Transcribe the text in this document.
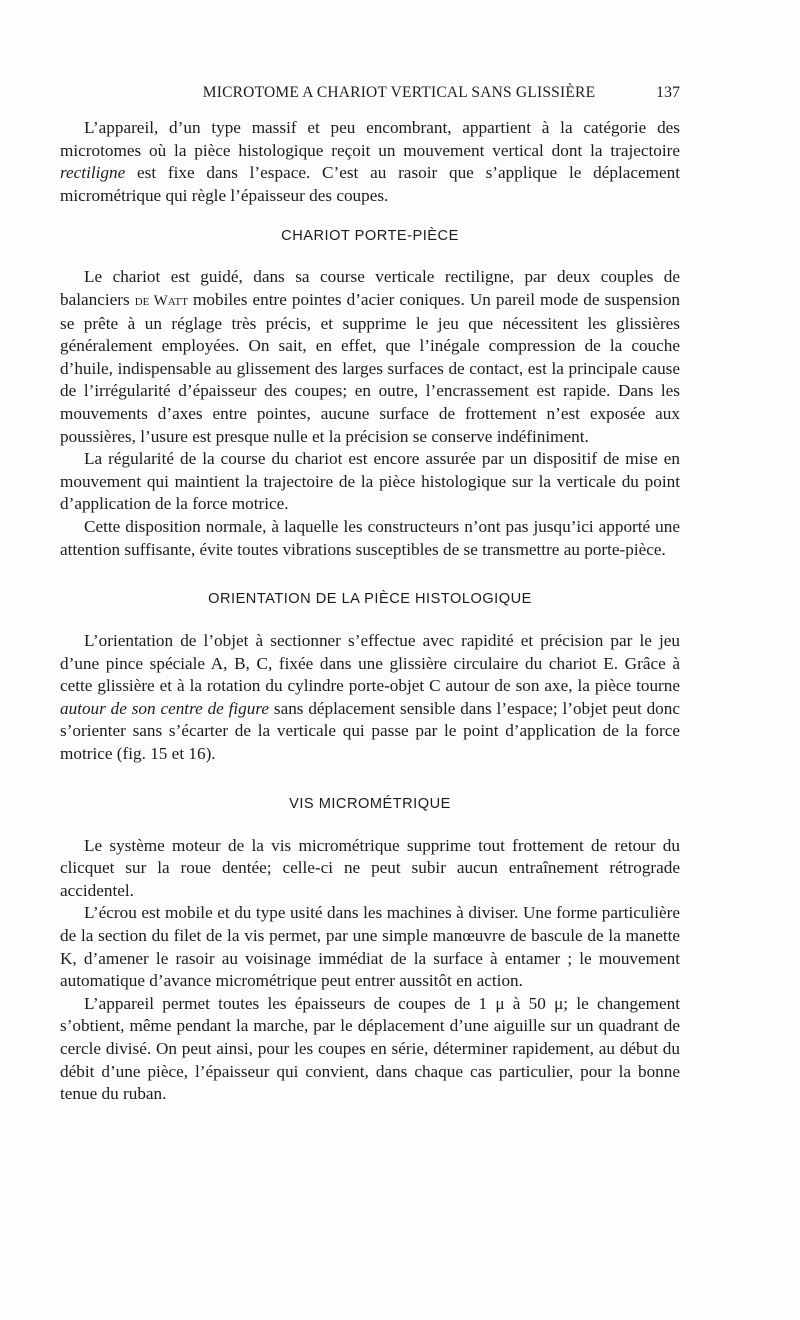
MICROTOME A CHARIOT VERTICAL SANS GLISSIÈRE	137

L’appareil, d’un type massif et peu encombrant, appartient à la catégorie des microtomes où la pièce histologique reçoit un mouvement vertical dont la trajectoire rectiligne est fixe dans l’espace. C’est au rasoir que s’applique le déplacement micrométrique qui règle l’épaisseur des coupes.

CHARIOT PORTE-PIÈCE

Le chariot est guidé, dans sa course verticale rectiligne, par deux couples de balanciers de Watt mobiles entre pointes d’acier coniques. Un pareil mode de suspension se prête à un réglage très précis, et supprime le jeu que nécessitent les glissières généralement employées. On sait, en effet, que l’inégale compression de la couche d’huile, indispensable au glissement des larges surfaces de contact, est la principale cause de l’irrégularité d’épaisseur des coupes; en outre, l’encrassement est rapide. Dans les mouvements d’axes entre pointes, aucune surface de frottement n’est exposée aux poussières, l’usure est presque nulle et la précision se conserve indéfiniment.

La régularité de la course du chariot est encore assurée par un dispositif de mise en mouvement qui maintient la trajectoire de la pièce histologique sur la verticale du point d’application de la force motrice.

Cette disposition normale, à laquelle les constructeurs n’ont pas jusqu’ici apporté une attention suffisante, évite toutes vibrations susceptibles de se transmettre au porte-pièce.

ORIENTATION DE LA PIÈCE HISTOLOGIQUE

L’orientation de l’objet à sectionner s’effectue avec rapidité et précision par le jeu d’une pince spéciale A, B, C, fixée dans une glissière circulaire du chariot E. Grâce à cette glissière et à la rotation du cylindre porte-objet C autour de son axe, la pièce tourne autour de son centre de figure sans déplacement sensible dans l’espace; l’objet peut donc s’orienter sans s’écarter de la verticale qui passe par le point d’application de la force motrice (fig. 15 et 16).

VIS MICROMÉTRIQUE

Le système moteur de la vis micrométrique supprime tout frottement de retour du clicquet sur la roue dentée; celle-ci ne peut subir aucun entraînement rétrograde accidentel.

L’écrou est mobile et du type usité dans les machines à diviser. Une forme particulière de la section du filet de la vis permet, par une simple manœuvre de bascule de la manette K, d’amener le rasoir au voisinage immédiat de la surface à entamer ; le mouvement automatique d’avance micrométrique peut entrer aussitôt en action.

L’appareil permet toutes les épaisseurs de coupes de 1 μ à 50 μ; le changement s’obtient, même pendant la marche, par le déplacement d’une aiguille sur un quadrant de cercle divisé. On peut ainsi, pour les coupes en série, déterminer rapidement, au début du débit d’une pièce, l’épaisseur qui convient, dans chaque cas particulier, pour la bonne tenue du ruban.
